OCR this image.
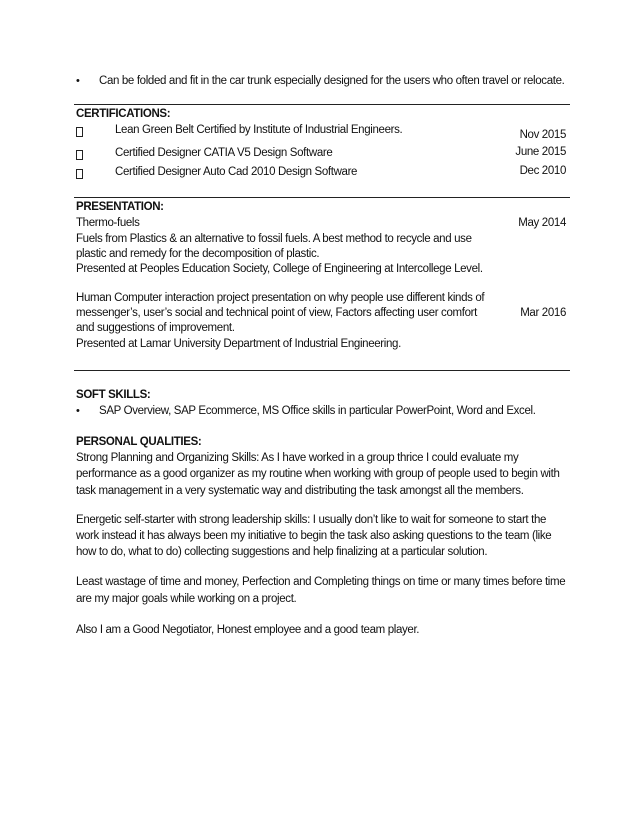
• Can be folded and fit in the car trunk especially designed for the users who often travel or relocate.
CERTIFICATIONS:
Lean Green Belt Certified by Institute of Industrial Engineers.	Nov 2015
Certified Designer CATIA V5 Design Software	June 2015
Certified Designer Auto Cad 2010 Design Software	Dec 2010
PRESENTATION:
Thermo-fuels	May 2014
Fuels from Plastics & an alternative to fossil fuels. A best method to recycle and use
plastic and remedy for the decomposition of plastic.
Presented at Peoples Education Society, College of Engineering at Intercollege Level.
Human Computer interaction project presentation on why people use different kinds of
messenger’s, user’s social and technical point of view, Factors affecting user comfort	Mar 2016
and suggestions of improvement.
Presented at Lamar University Department of Industrial Engineering.
SOFT SKILLS:
• SAP Overview, SAP Ecommerce, MS Office skills in particular PowerPoint, Word and Excel.
PERSONAL QUALITIES:
Strong Planning and Organizing Skills: As I have worked in a group thrice I could evaluate my
performance as a good organizer as my routine when working with group of people used to begin with
task management in a very systematic way and distributing the task amongst all the members.
Energetic self-starter with strong leadership skills: I usually don’t like to wait for someone to start the
work instead it has always been my initiative to begin the task also asking questions to the team (like
how to do, what to do) collecting suggestions and help finalizing at a particular solution.
Least wastage of time and money, Perfection and Completing things on time or many times before time
are my major goals while working on a project.
Also I am a Good Negotiator, Honest employee and a good team player.
